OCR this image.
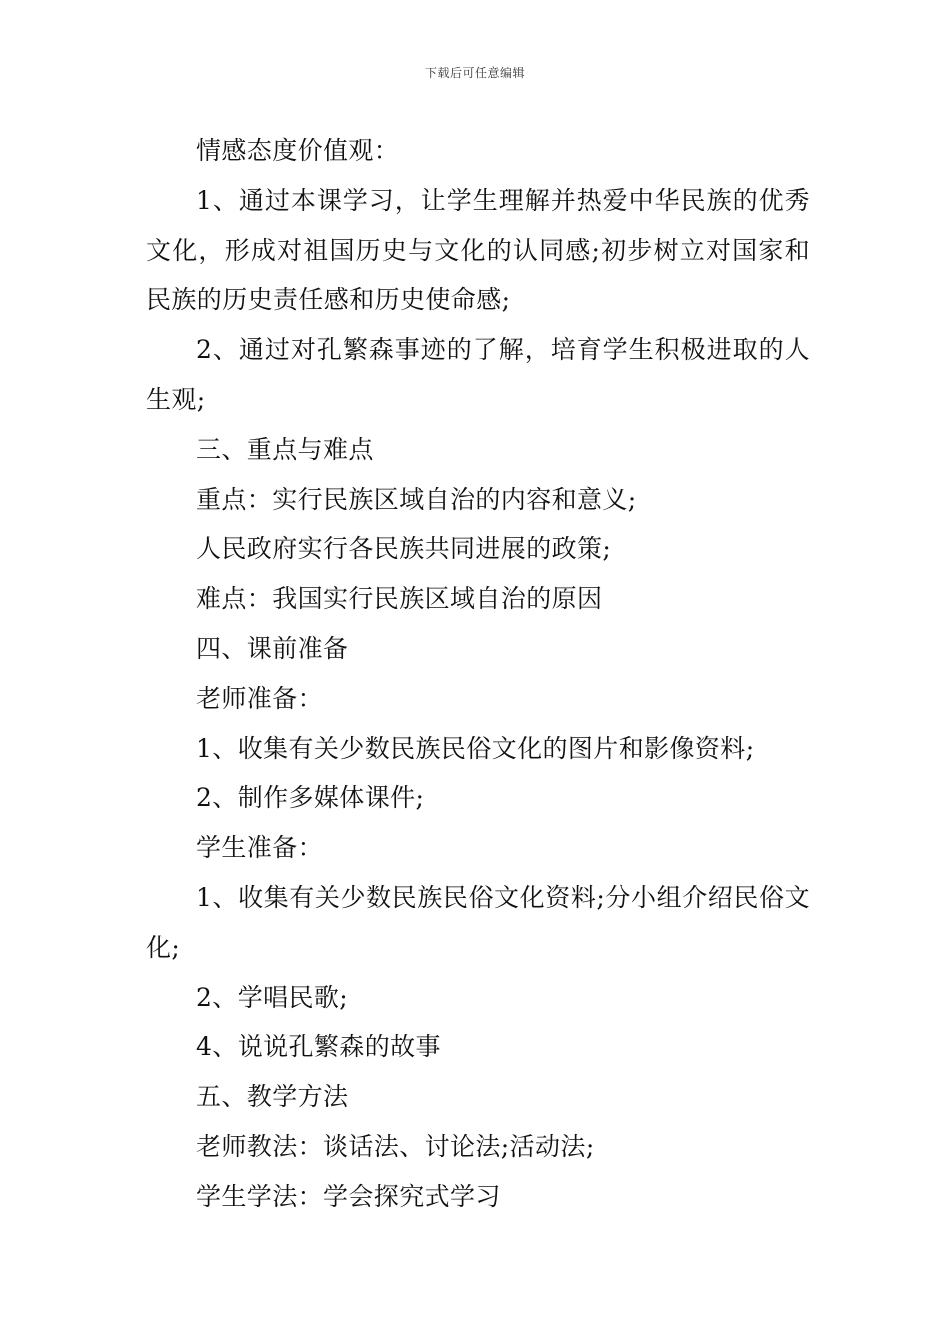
下载后可任意编辑

情感态度价值观：

1、通过本课学习，让学生理解并热爱中华民族的优秀文化，形成对祖国历史与文化的认同感;初步树立对国家和民族的历史责任感和历史使命感;

2、通过对孔繁森事迹的了解，培育学生积极进取的人生观;

三、重点与难点

重点：实行民族区域自治的内容和意义;

人民政府实行各民族共同进展的政策;

难点：我国实行民族区域自治的原因

四、课前准备

老师准备：

1、收集有关少数民族民俗文化的图片和影像资料;

2、制作多媒体课件;

学生准备：

1、收集有关少数民族民俗文化资料;分小组介绍民俗文化;

2、学唱民歌;

4、说说孔繁森的故事

五、教学方法

老师教法：谈话法、讨论法;活动法;

学生学法：学会探究式学习
